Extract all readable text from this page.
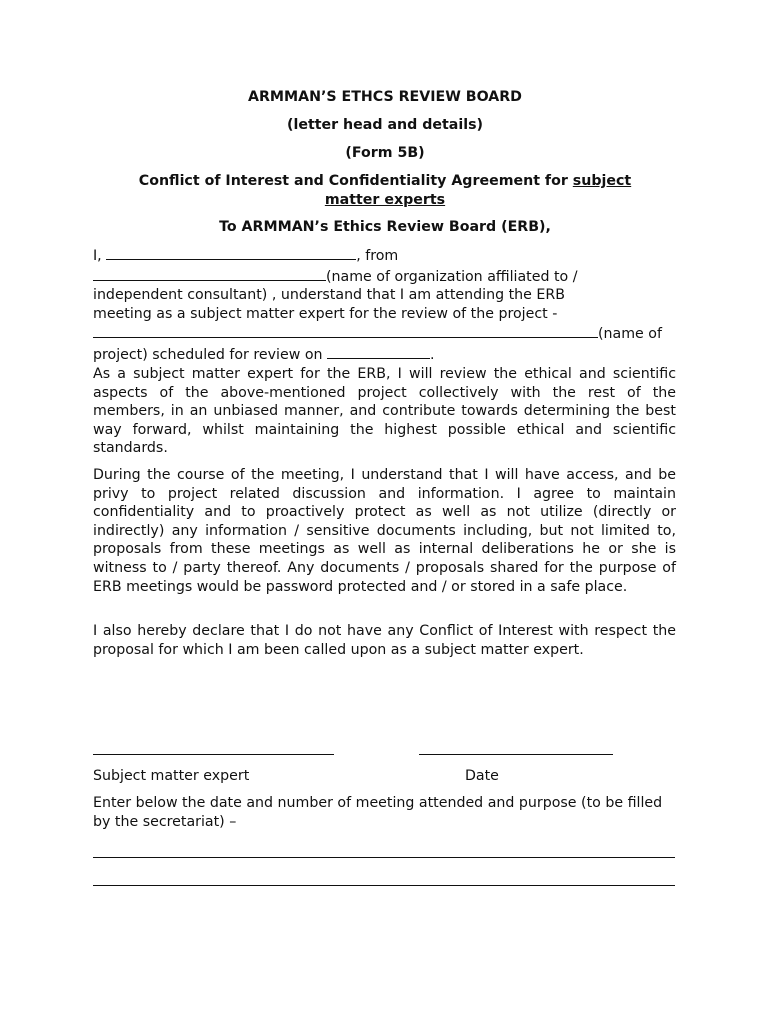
ARMMAN’S ETHCS REVIEW BOARD
(letter head and details)
(Form 5B)
Conflict of Interest and Confidentiality Agreement for subject
matter experts
To ARMMAN’s Ethics Review Board (ERB),
I,	, from
(name of organization affiliated to /
independent consultant) , understand that I am attending the ERB
meeting as a subject matter expert for the review of the project -
(name of
project) scheduled for review on	.

As a subject matter expert for the ERB, I will review the ethical and scientific aspects of the above-mentioned project collectively with the rest of the members, in an unbiased manner, and contribute towards determining the best way forward, whilst maintaining the highest possible ethical and scientific standards.

During the course of the meeting, I understand that I will have access, and be privy to project related discussion and information. I agree to maintain confidentiality and to proactively protect as well as not utilize (directly or indirectly) any information / sensitive documents including, but not limited to, proposals from these meetings as well as internal deliberations he or she is witness to / party thereof. Any documents / proposals shared for the purpose of ERB meetings would be password protected and / or stored in a safe place.

I also hereby declare that I do not have any Conflict of Interest with respect the proposal for which I am been called upon as a subject matter expert.

Subject matter expert	Date

Enter below the date and number of meeting attended and purpose (to be filled by the secretariat) –
